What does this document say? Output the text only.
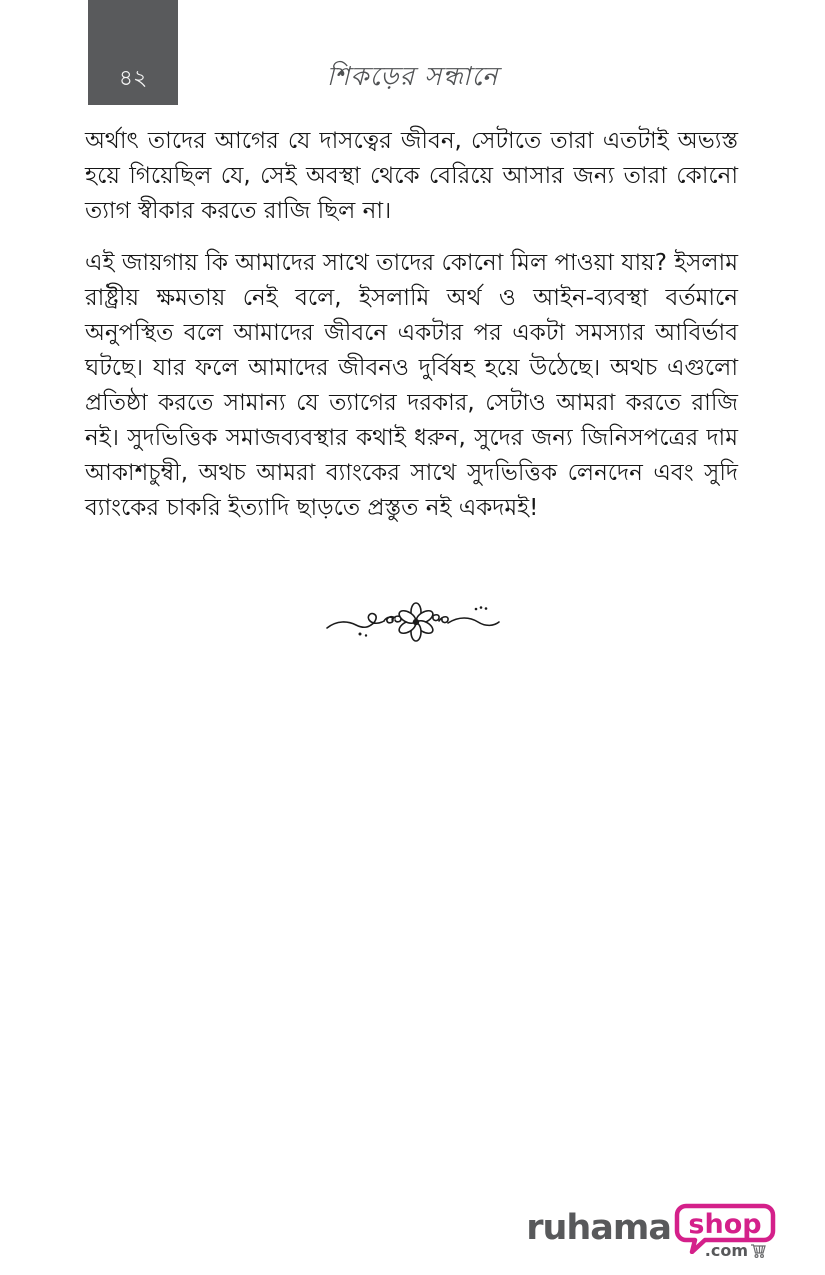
৪২	শিকড়ের সন্ধানে

অর্থাৎ তাদের আগের যে দাসত্বের জীবন, সেটাতে তারা এতটাই অভ্যস্ত হয়ে গিয়েছিল যে, সেই অবস্থা থেকে বেরিয়ে আসার জন্য তারা কোনো ত্যাগ স্বীকার করতে রাজি ছিল না।

এই জায়গায় কি আমাদের সাথে তাদের কোনো মিল পাওয়া যায়? ইসলাম রাষ্ট্রীয় ক্ষমতায় নেই বলে, ইসলামি অর্থ ও আইন-ব্যবস্থা বর্তমানে অনুপস্থিত বলে আমাদের জীবনে একটার পর একটা সমস্যার আবির্ভাব ঘটছে। যার ফলে আমাদের জীবনও দুর্বিষহ হয়ে উঠেছে। অথচ এগুলো প্রতিষ্ঠা করতে সামান্য যে ত্যাগের দরকার, সেটাও আমরা করতে রাজি নই। সুদভিত্তিক সমাজব্যবস্থার কথাই ধরুন, সুদের জন্য জিনিসপত্রের দাম আকাশচুম্বী, অথচ আমরা ব্যাংকের সাথে সুদভিত্তিক লেনদেন এবং সুদি ব্যাংকের চাকরি ইত্যাদি ছাড়তে প্রস্তুত নই একদমই!

ruhama shop
.com
